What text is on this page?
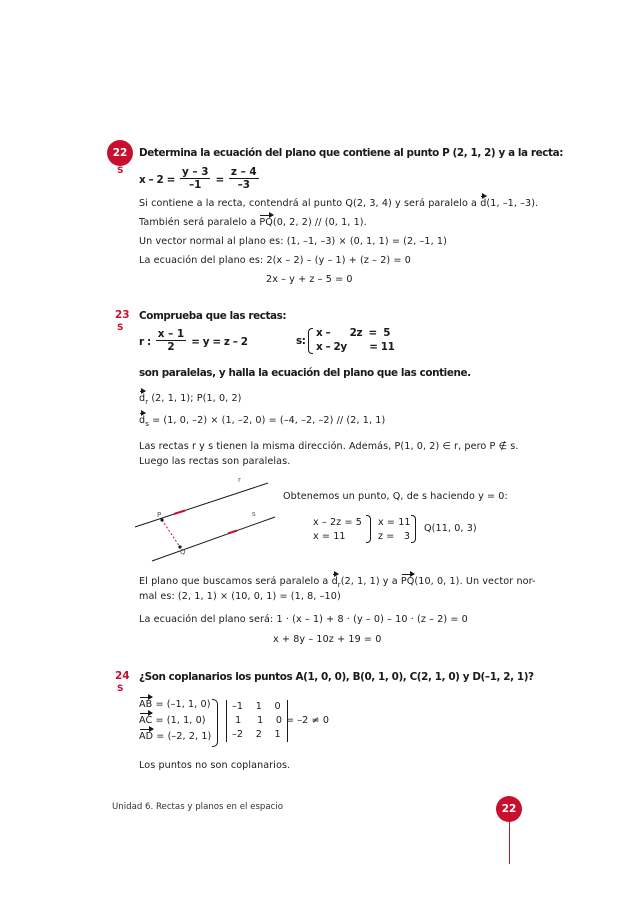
22
S
Determina la ecuación del plano que contiene al punto P (2, 1, 2) y a la recta:
$x - 2 = \frac{y - 3}{-1} = \frac{z - 4}{-3}$
Si contiene a la recta, contendrá al punto Q(2, 3, 4) y será paralelo a d(1, –1, –3).
También será paralelo a PQ(0, 2, 2) // (0, 1, 1).
Un vector normal al plano es: (1, –1, –3) × (0, 1, 1) = (2, –1, 1)
La ecuación del plano es: 2(x – 2) – (y – 1) + (z – 2) = 0
2x – y + z – 5 = 0
23
S
Comprueba que las rectas:
r : $\frac{x - 1}{2} = y = z - 2$	s:
x –      2z  =  5
x – 2y       = 11
son paralelas, y halla la ecuación del plano que las contiene.
$d_r$ (2, 1, 1); P(1, 0, 2)
$d_s = (1$, 0, –2) × (1, –2, 0) = (–4, –2, –2) // (2, 1, 1)
Las rectas r y s tienen la misma dirección. Además, P(1, 0, 2) ∈ r, pero P ∉ s.
Luego las rectas son paralelas.
r
s
P
Q
Obtenemos un punto, Q, de s haciendo y = 0:
x – 2z = 5
x = 11
x = 11
z =   3
Q(11, 0, 3)
El plano que buscamos será paralelo a $d_r(2$, 1, 1) y a PQ(10, 0, 1). Un vector nor-
mal es: (2, 1, 1) × (10, 0, 1) = (1, 8, –10)
La ecuación del plano será: 1 · (x – 1) + 8 · (y – 0) – 10 · (z – 2) = 0
x + 8y – 10z + 19 = 0
24
S
¿Son coplanarios los puntos A(1, 0, 0), B(0, 1, 0), C(2, 1, 0) y D(–1, 2, 1)?
AB = (–1, 1, 0)
AC = (1, 1, 0)
AD = (–2, 2, 1)
–1    1    0
1     1    0
–2    2    1
= –2 ≠ 0
Los puntos no son coplanarios.
Unidad 6. Rectas y planos en el espacio	22
